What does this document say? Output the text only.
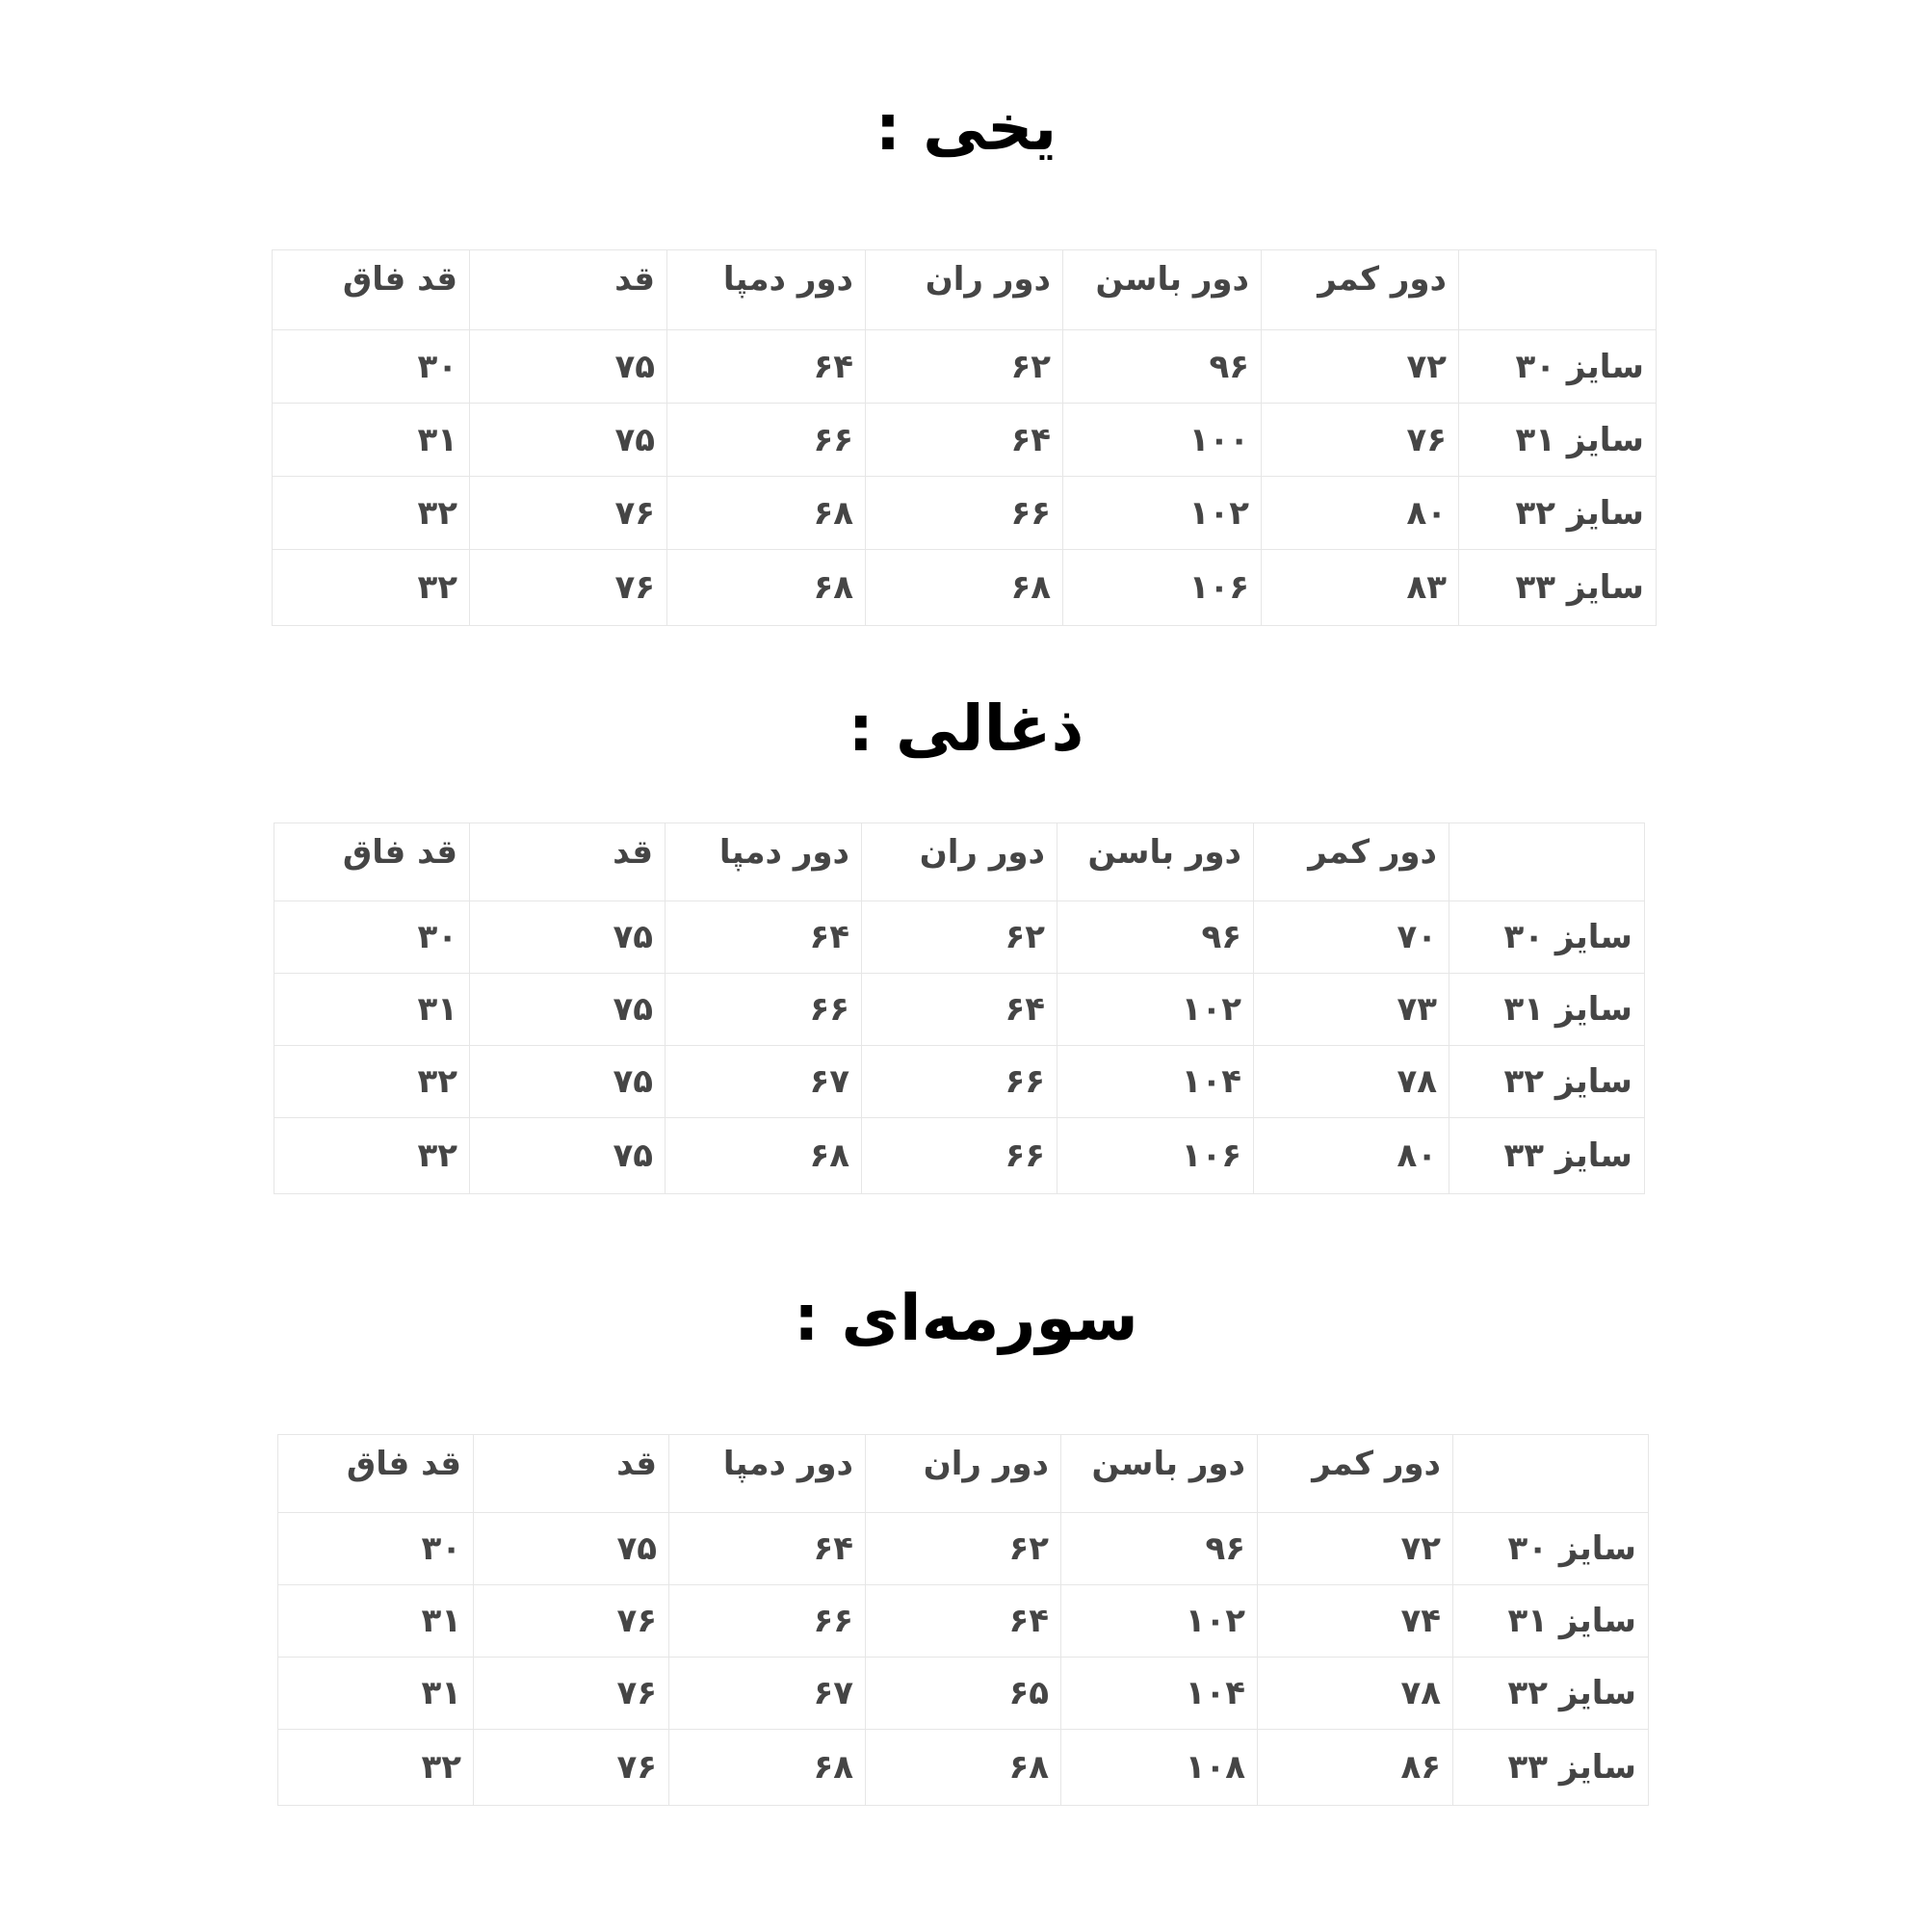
یخی :
	دور کمر	دور باسن	دور ران	دور دمپا	قد	قد فاق
سایز ۳۰	۷۲	۹۶	۶۲	۶۴	۷۵	۳۰
سایز ۳۱	۷۶	۱۰۰	۶۴	۶۶	۷۵	۳۱
سایز ۳۲	۸۰	۱۰۲	۶۶	۶۸	۷۶	۳۲
سایز ۳۳	۸۳	۱۰۶	۶۸	۶۸	۷۶	۳۲
ذغالی :
	دور کمر	دور باسن	دور ران	دور دمپا	قد	قد فاق
سایز ۳۰	۷۰	۹۶	۶۲	۶۴	۷۵	۳۰
سایز ۳۱	۷۳	۱۰۲	۶۴	۶۶	۷۵	۳۱
سایز ۳۲	۷۸	۱۰۴	۶۶	۶۷	۷۵	۳۲
سایز ۳۳	۸۰	۱۰۶	۶۶	۶۸	۷۵	۳۲
سورمه‌ای :
	دور کمر	دور باسن	دور ران	دور دمپا	قد	قد فاق
سایز ۳۰	۷۲	۹۶	۶۲	۶۴	۷۵	۳۰
سایز ۳۱	۷۴	۱۰۲	۶۴	۶۶	۷۶	۳۱
سایز ۳۲	۷۸	۱۰۴	۶۵	۶۷	۷۶	۳۱
سایز ۳۳	۸۶	۱۰۸	۶۸	۶۸	۷۶	۳۲
